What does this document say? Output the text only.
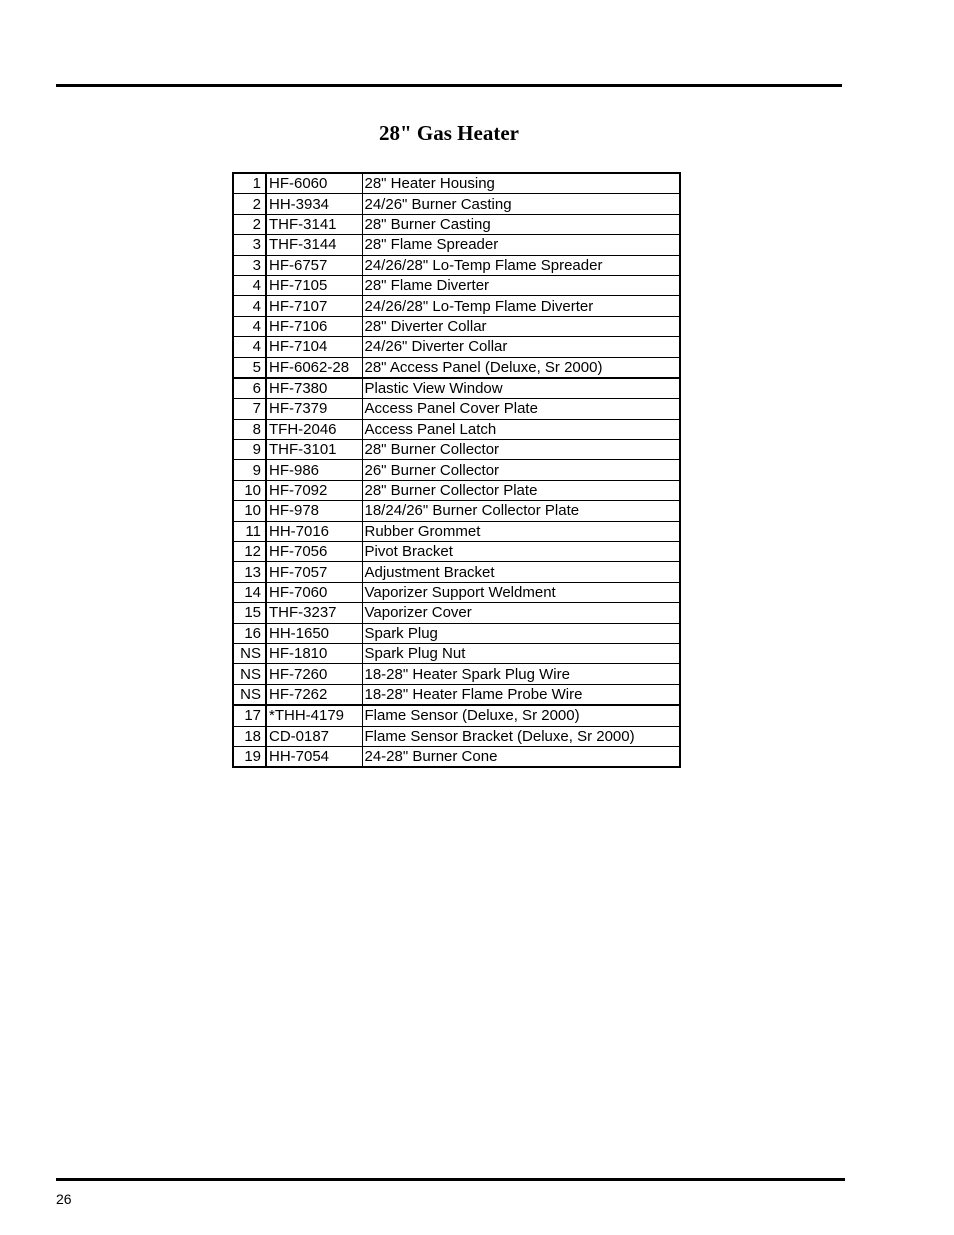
28" Gas Heater
1	HF-6060	28" Heater Housing
2	HH-3934	24/26" Burner Casting
2	THF-3141	28" Burner Casting
3	THF-3144	28" Flame Spreader
3	HF-6757	24/26/28" Lo-Temp Flame Spreader
4	HF-7105	28" Flame Diverter
4	HF-7107	24/26/28" Lo-Temp Flame Diverter
4	HF-7106	28" Diverter Collar
4	HF-7104	24/26" Diverter Collar
5	HF-6062-28	28" Access Panel (Deluxe, Sr 2000)
6	HF-7380	Plastic View Window
7	HF-7379	Access Panel Cover Plate
8	TFH-2046	Access Panel Latch
9	THF-3101	28" Burner Collector
9	HF-986	26" Burner Collector
10	HF-7092	28" Burner Collector Plate
10	HF-978	18/24/26" Burner Collector Plate
11	HH-7016	Rubber Grommet
12	HF-7056	Pivot Bracket
13	HF-7057	Adjustment Bracket
14	HF-7060	Vaporizer Support Weldment
15	THF-3237	Vaporizer Cover
16	HH-1650	Spark Plug
NS	HF-1810	Spark Plug Nut
NS	HF-7260	18-28" Heater Spark Plug Wire
NS	HF-7262	18-28" Heater Flame Probe Wire
17	*THH-4179	Flame Sensor (Deluxe, Sr 2000)
18	CD-0187	Flame Sensor Bracket (Deluxe, Sr 2000)
19	HH-7054	24-28" Burner Cone
26
